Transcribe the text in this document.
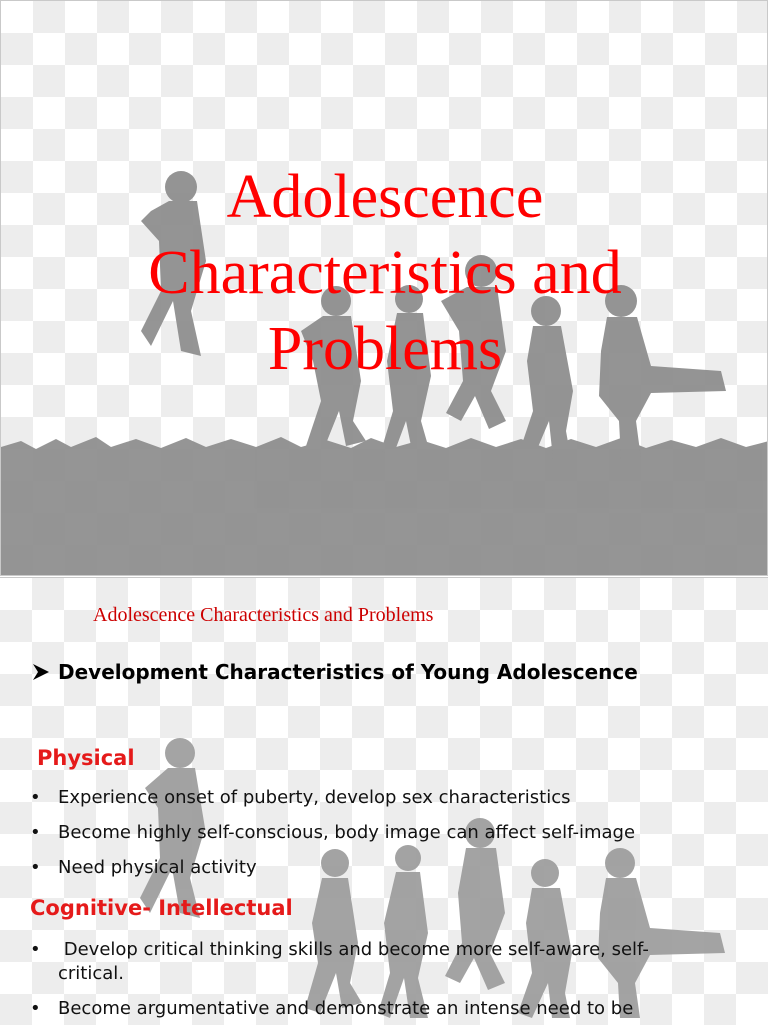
Adolescence
Characteristics and
Problems
Adolescence Characteristics and Problems
Development Characteristics of Young Adolescence
Physical
• Experience onset of puberty, develop sex characteristics
• Become highly self-conscious, body image can affect self-image
• Need physical activity
Cognitive- Intellectual
• Develop critical thinking skills and become more self-aware, self- critical.
• Become argumentative and demonstrate an intense need to be
